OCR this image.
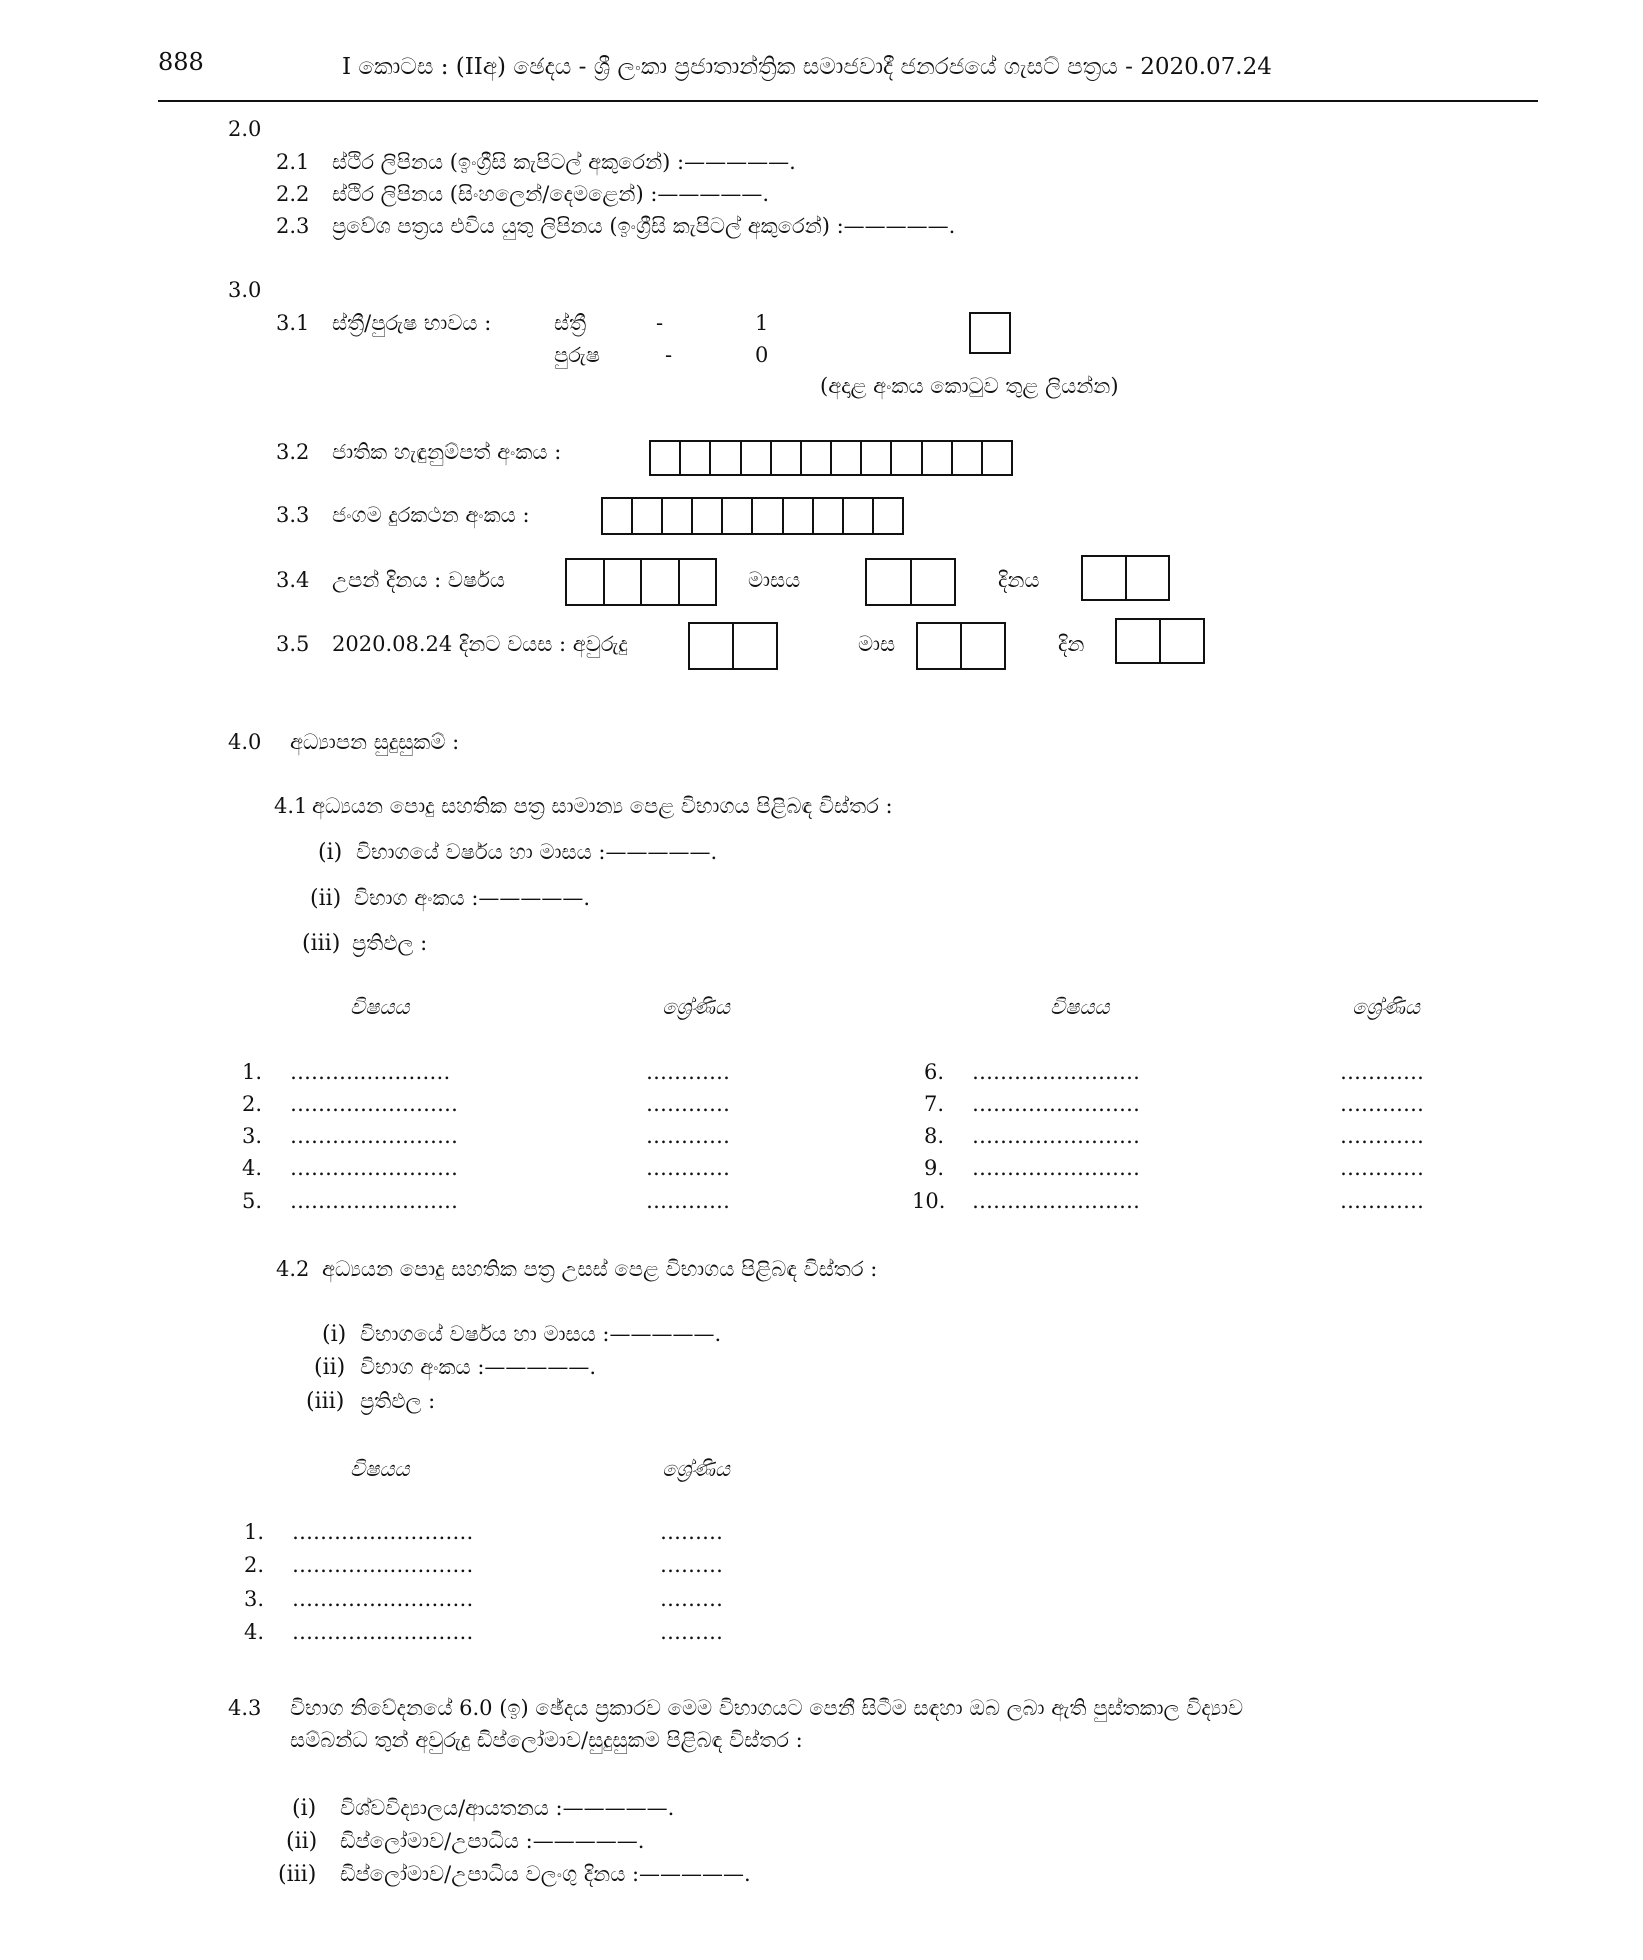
888	I කොටස : (IIඅ) ඡෙදය - ශ්‍රී ලංකා ප්‍රජාතාන්ත්‍රික සමාජවාදී ජනරජයේ ගැසට් පත්‍රය - 2020.07.24
2.0
2.1 ස්ථිර ලිපිනය (ඉංග්‍රීසි කැපිටල් අකුරෙන්) :—————.
2.2 ස්ථිර ලිපිනය (සිංහලෙන්/දෙමළෙන්) :—————.
2.3 ප්‍රවේශ පත්‍රය එවිය යුතු ලිපිනය (ඉංග්‍රීසි කැපිටල් අකුරෙන්) :—————.
3.0
3.1 ස්ත්‍රී/පුරුෂ භාවය :	ස්ත්‍රී	-	1
පුරුෂ	-	0
(අදාළ අංකය කොටුව තුළ ලියන්න)
3.2 ජාතික හැඳුනුම්පත් අංකය :
3.3 ජංගම දුරකථන අංකය :
3.4 උපන් දිනය : වර්ෂය	මාසය	දිනය
3.5 2020.08.24 දිනට වයස : අවුරුදු	මාස	දින
4.0 අධ්‍යාපන සුදුසුකම් :
4.1 අධ්‍යයන පොදු සහතික පත්‍ර සාමාන්‍ය පෙළ විභාගය පිළිබඳ විස්තර :
(i) විභාගයේ වර්ෂය හා මාසය :—————.
(ii) විභාග අංකය :—————.
(iii) ප්‍රතිඵල :
විෂයය	ශ්‍රේණිය	විෂයය	ශ්‍රේණිය
1. ………..…………	…………
2. ……………………	…………
3. ……………………	…………
4. ……………………	…………
5. ……………………	…………
6. ……………………	…………
7. ……………………	…………
8. ……………………	…………
9. ……………………	…………
10. ……………………	…………
4.2 අධ්‍යයන පොදු සහතික පත්‍ර උසස් පෙළ විභාගය පිළිබඳ විස්තර :
(i) විභාගයේ වර්ෂය හා මාසය :—————.
(ii) විභාග අංකය :—————.
(iii) ප්‍රතිඵල :
විෂයය	ශ්‍රේණිය
1. …………..…………	………
2. …………..…………	………
3. …………..…………	………
4. …………..…………	………
4.3 විභාග නිවේදනයේ 6.0 (ඉ) ඡේදය ප්‍රකාරව මෙම විභාගයට පෙනී සිටීම සඳහා ඔබ ලබා ඇති පුස්තකාල විද්‍යාව
සම්බන්ධ තුන් අවුරුදු ඩිප්ලෝමාව/සුදුසුකම පිළිබඳ විස්තර :
(i) විශ්වවිද්‍යාලය/ආයතනය :—————.
(ii) ඩිප්ලෝමාව/උපාධිය :—————.
(iii) ඩිප්ලෝමාව/උපාධිය වලංගු දිනය :—————.
